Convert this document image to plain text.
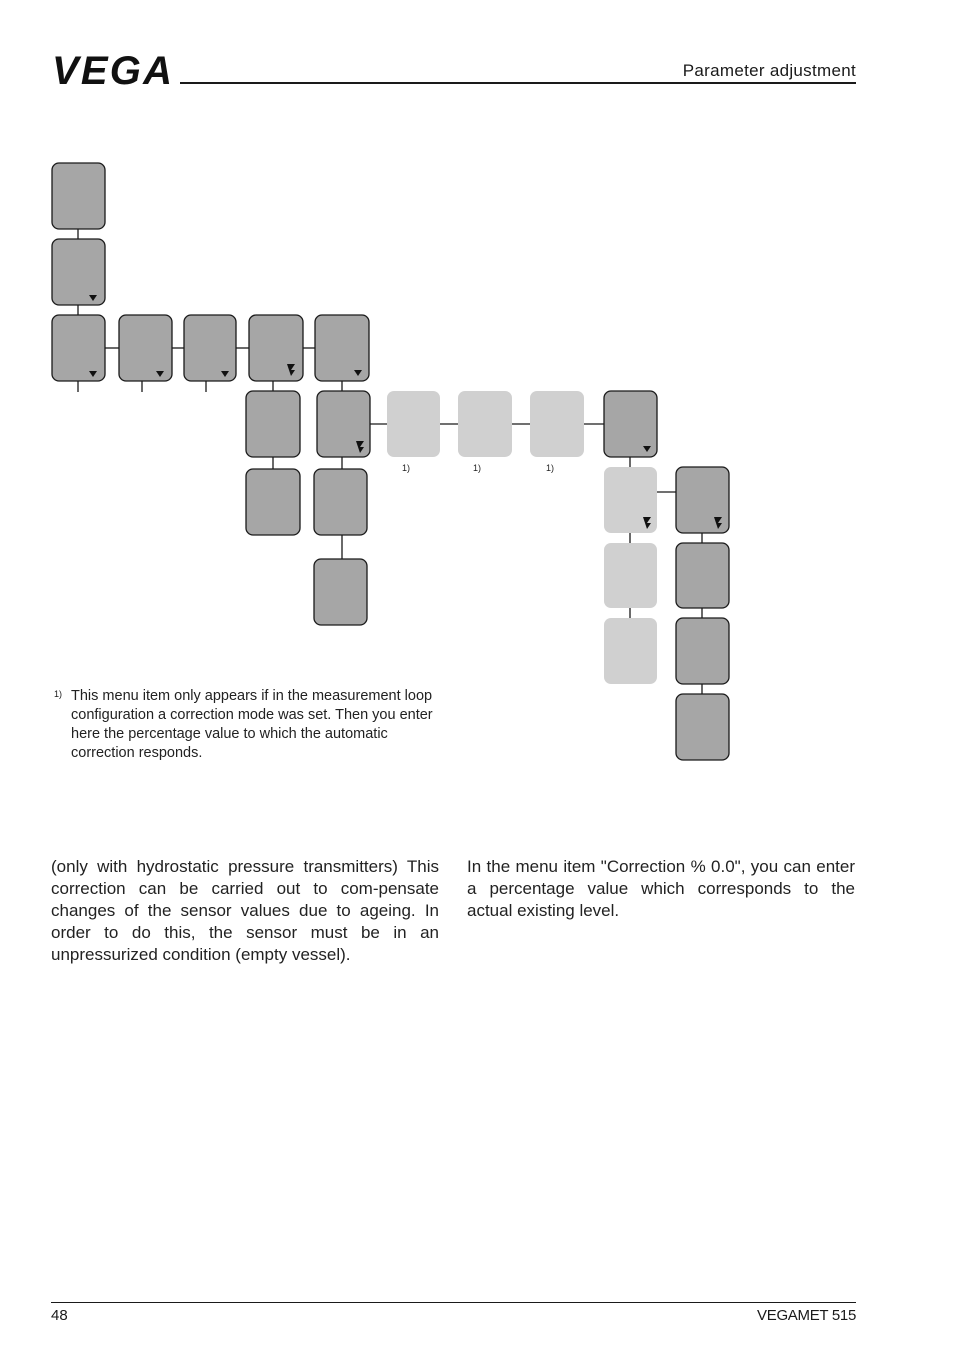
VEGA	Parameter adjustment
1)	1)	1)
1) This menu item only appears if in the measurement loop configuration a correction mode was set. Then you enter here the percentage value to which the automatic correction responds.
(only with hydrostatic pressure transmitters) This correction can be carried out to com-pensate changes of the sensor values due to ageing. In order to do this, the sensor must be in an unpressurized condition (empty vessel).
In the menu item "Correction % 0.0", you can enter a percentage value which corresponds to the actual existing level.
48	VEGAMET 515
